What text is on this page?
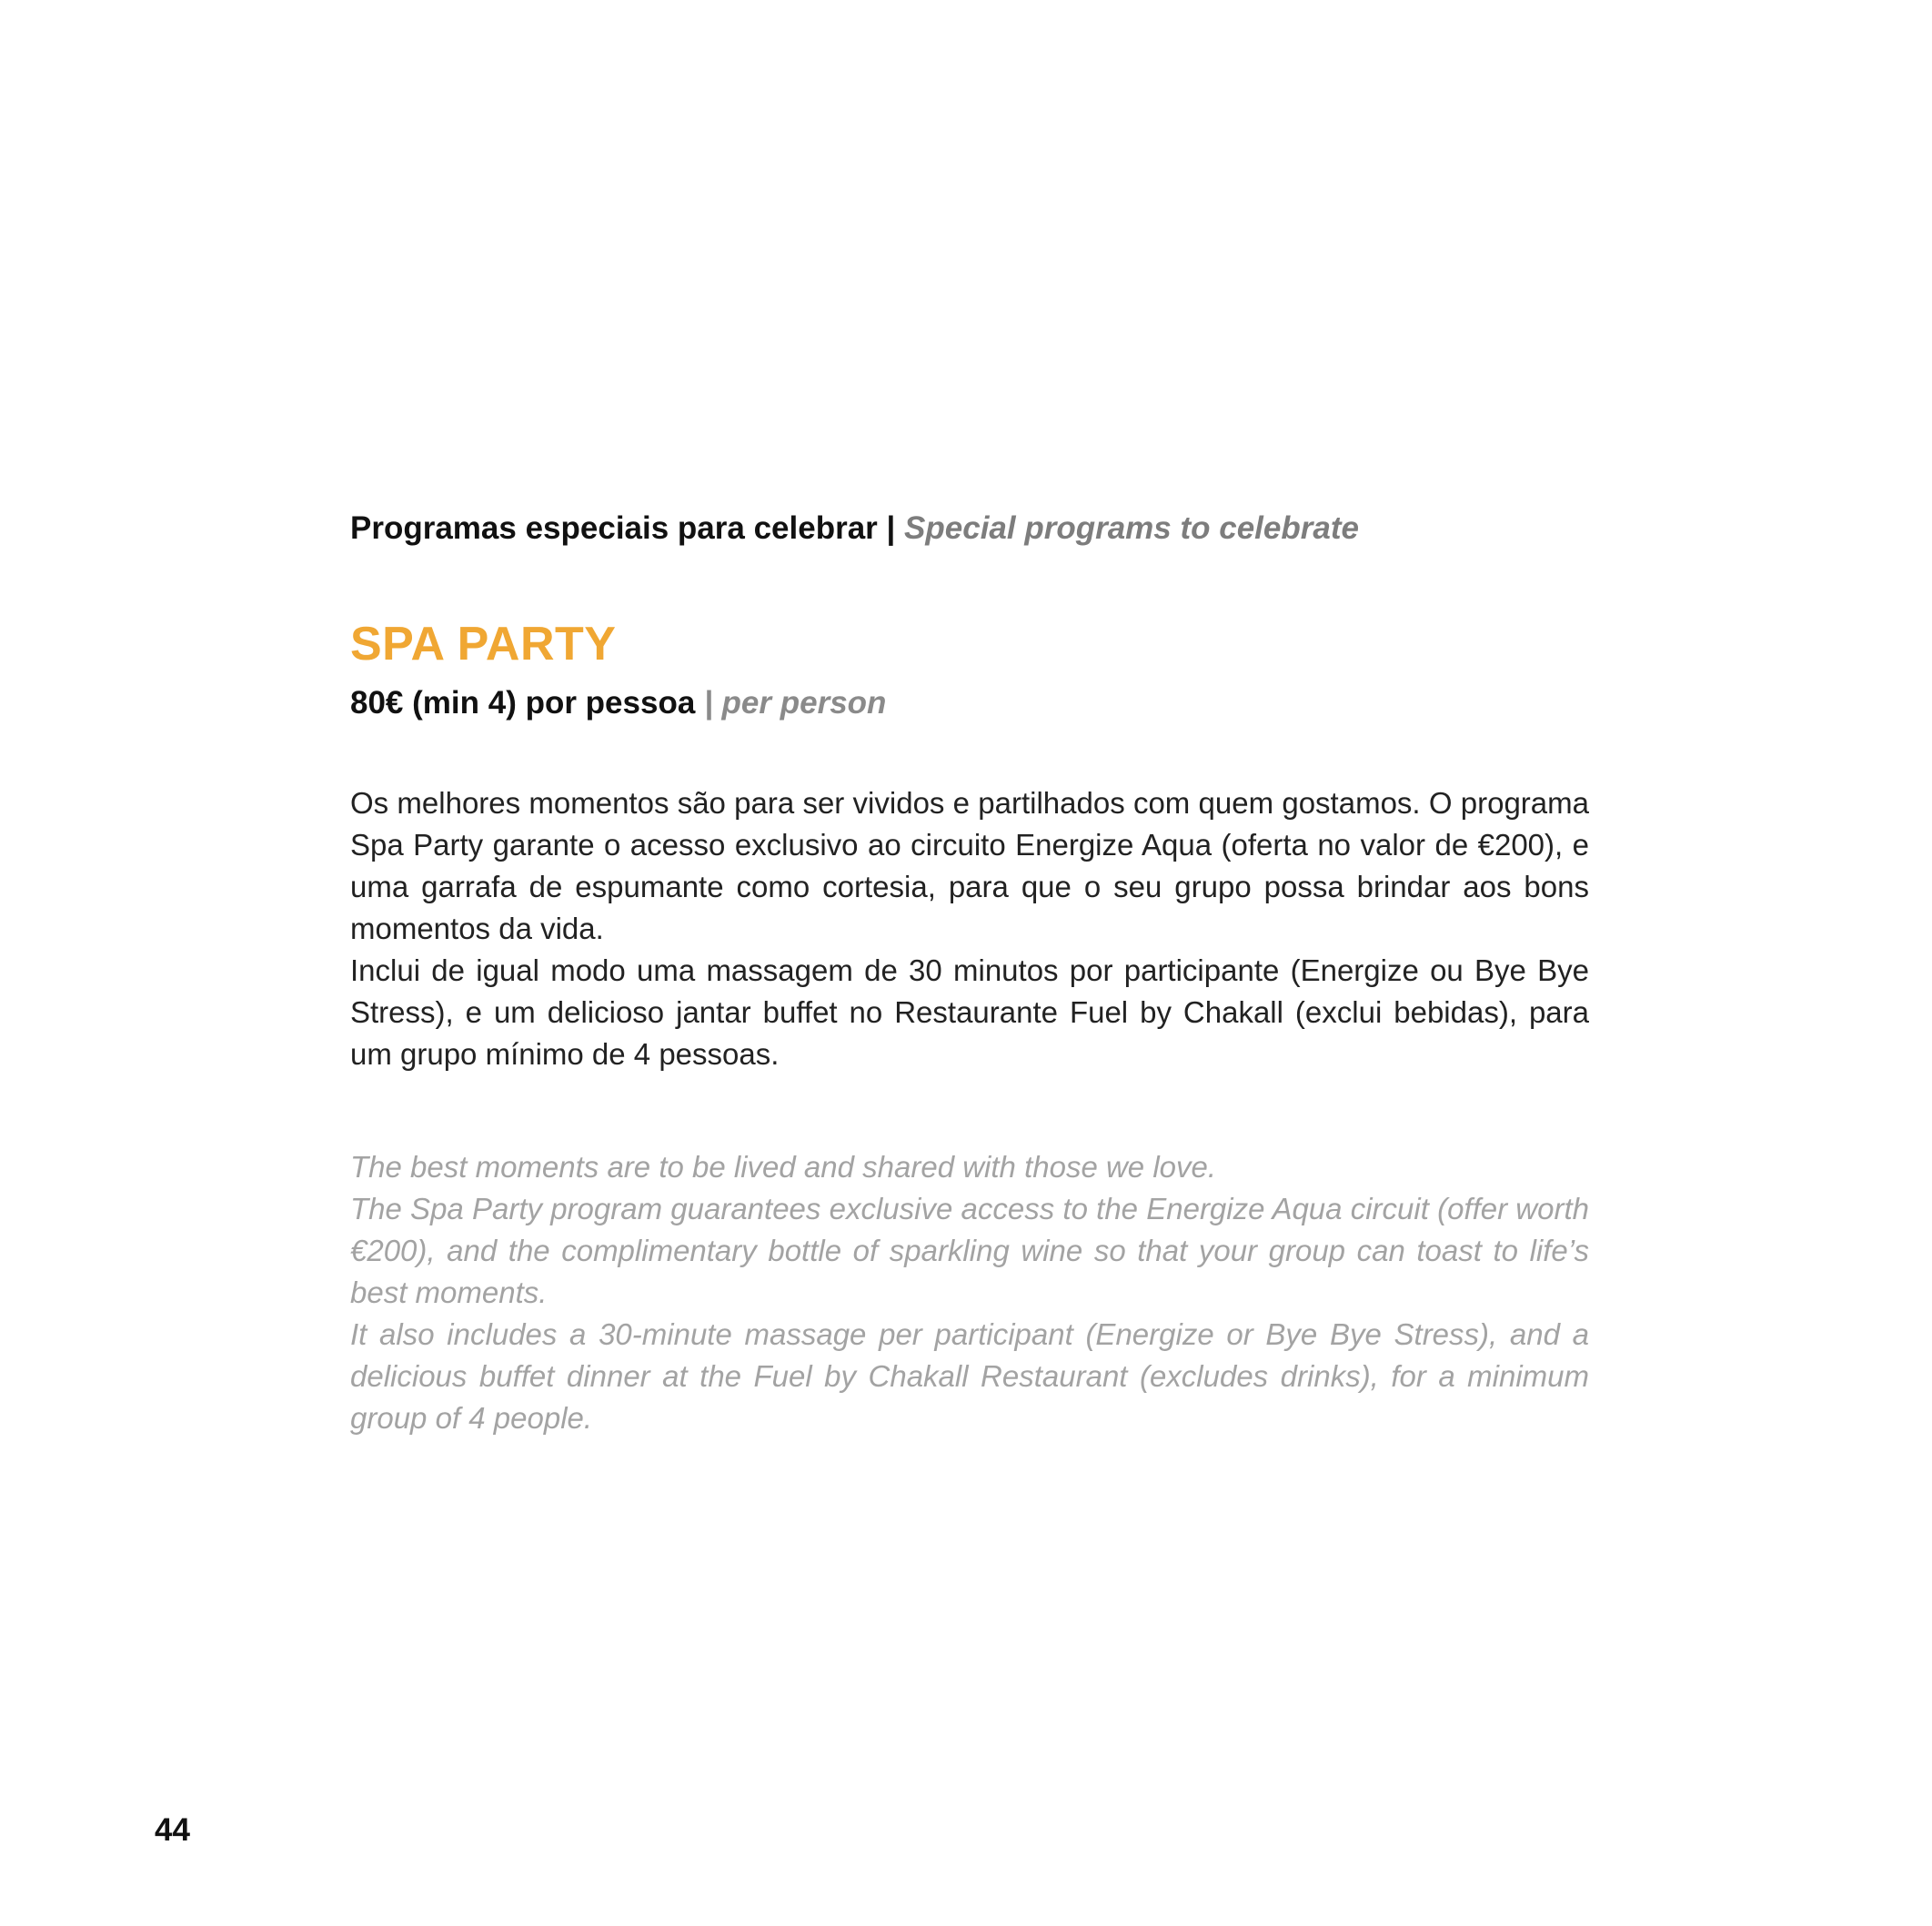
Programas especiais para celebrar | Special programs to celebrate

SPA PARTY

80€ (min 4) por pessoa | per person

Os melhores momentos são para ser vividos e partilhados com quem gostamos. O programa Spa Party garante o acesso exclusivo ao circuito Energize Aqua (oferta no valor de €200), e uma garrafa de espumante como cortesia, para que o seu grupo possa brindar aos bons momentos da vida.

Inclui de igual modo uma massagem de 30 minutos por participante (Energize ou Bye Bye Stress), e um delicioso jantar buffet no Restaurante Fuel by Chakall (exclui bebidas), para um grupo mínimo de 4 pessoas.

The best moments are to be lived and shared with those we love.

The Spa Party program guarantees exclusive access to the Energize Aqua circuit (offer worth €200), and the complimentary bottle of sparkling wine so that your group can toast to life’s best moments.

It also includes a 30-minute massage per participant (Energize or Bye Bye Stress), and a delicious buffet dinner at the Fuel by Chakall Restaurant (excludes drinks), for a minimum group of 4 people.

44
